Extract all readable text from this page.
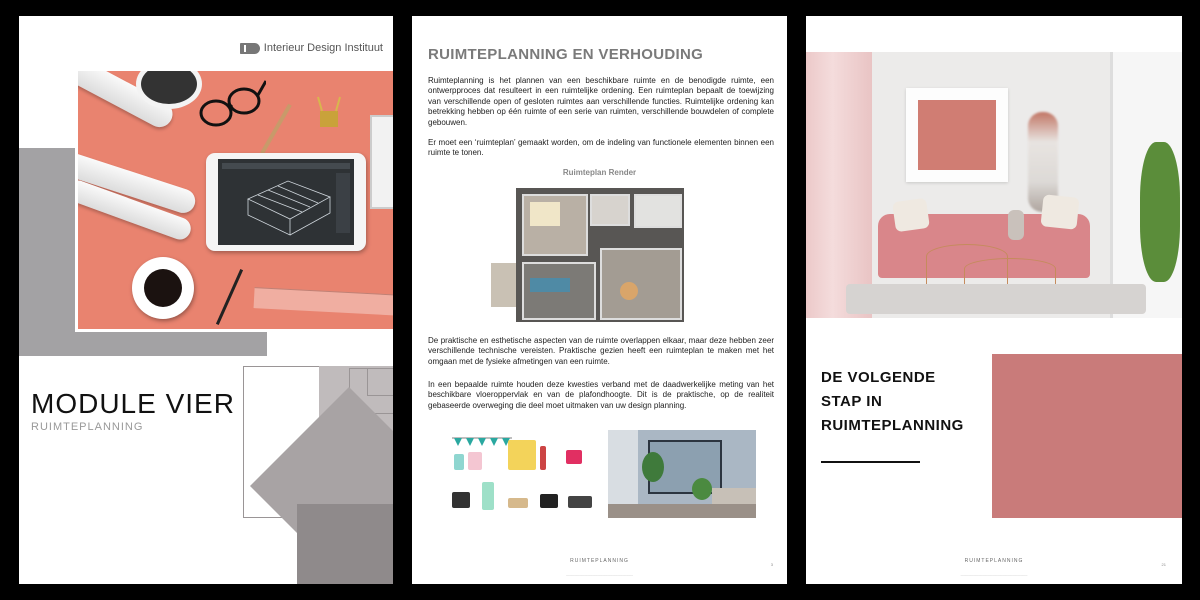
Interieur Design Instituut
MODULE VIER
RUIMTEPLANNING
RUIMTEPLANNING EN VERHOUDING

Ruimteplanning is het plannen van een beschikbare ruimte en de benodigde ruimte, een ontwerpproces dat resulteert in een ruimtelijke ordening. Een ruimteplan bepaalt de toewijzing van verschillende open of gesloten ruimtes aan verschillende functies. Ruimtelijke ordening kan betrekking hebben op één ruimte of een serie van ruimten, verschillende bouwdelen of complete gebouwen.

Er moet een ‘ruimteplan’ gemaakt worden, om de indeling van functionele elementen binnen een ruimte te tonen.

Ruimteplan Render

De praktische en esthetische aspecten van de ruimte overlappen elkaar, maar deze hebben zeer verschillende technische vereisten. Praktische gezien heeft een ruimteplan te maken met het omgaan met de fysieke afmetingen van een ruimte.

In een bepaalde ruimte houden deze kwesties verband met de daadwerkelijke meting van het beschikbare vloeroppervlak en van de plafondhoogte. Dit is de praktische, op de realiteit gebaseerde overweging die deel moet uitmaken van uw design planning.

RUIMTEPLANNING
________________________________________
3
DE VOLGENDE
STAP IN
RUIMTEPLANNING
RUIMTEPLANNING
________________________________________
21
